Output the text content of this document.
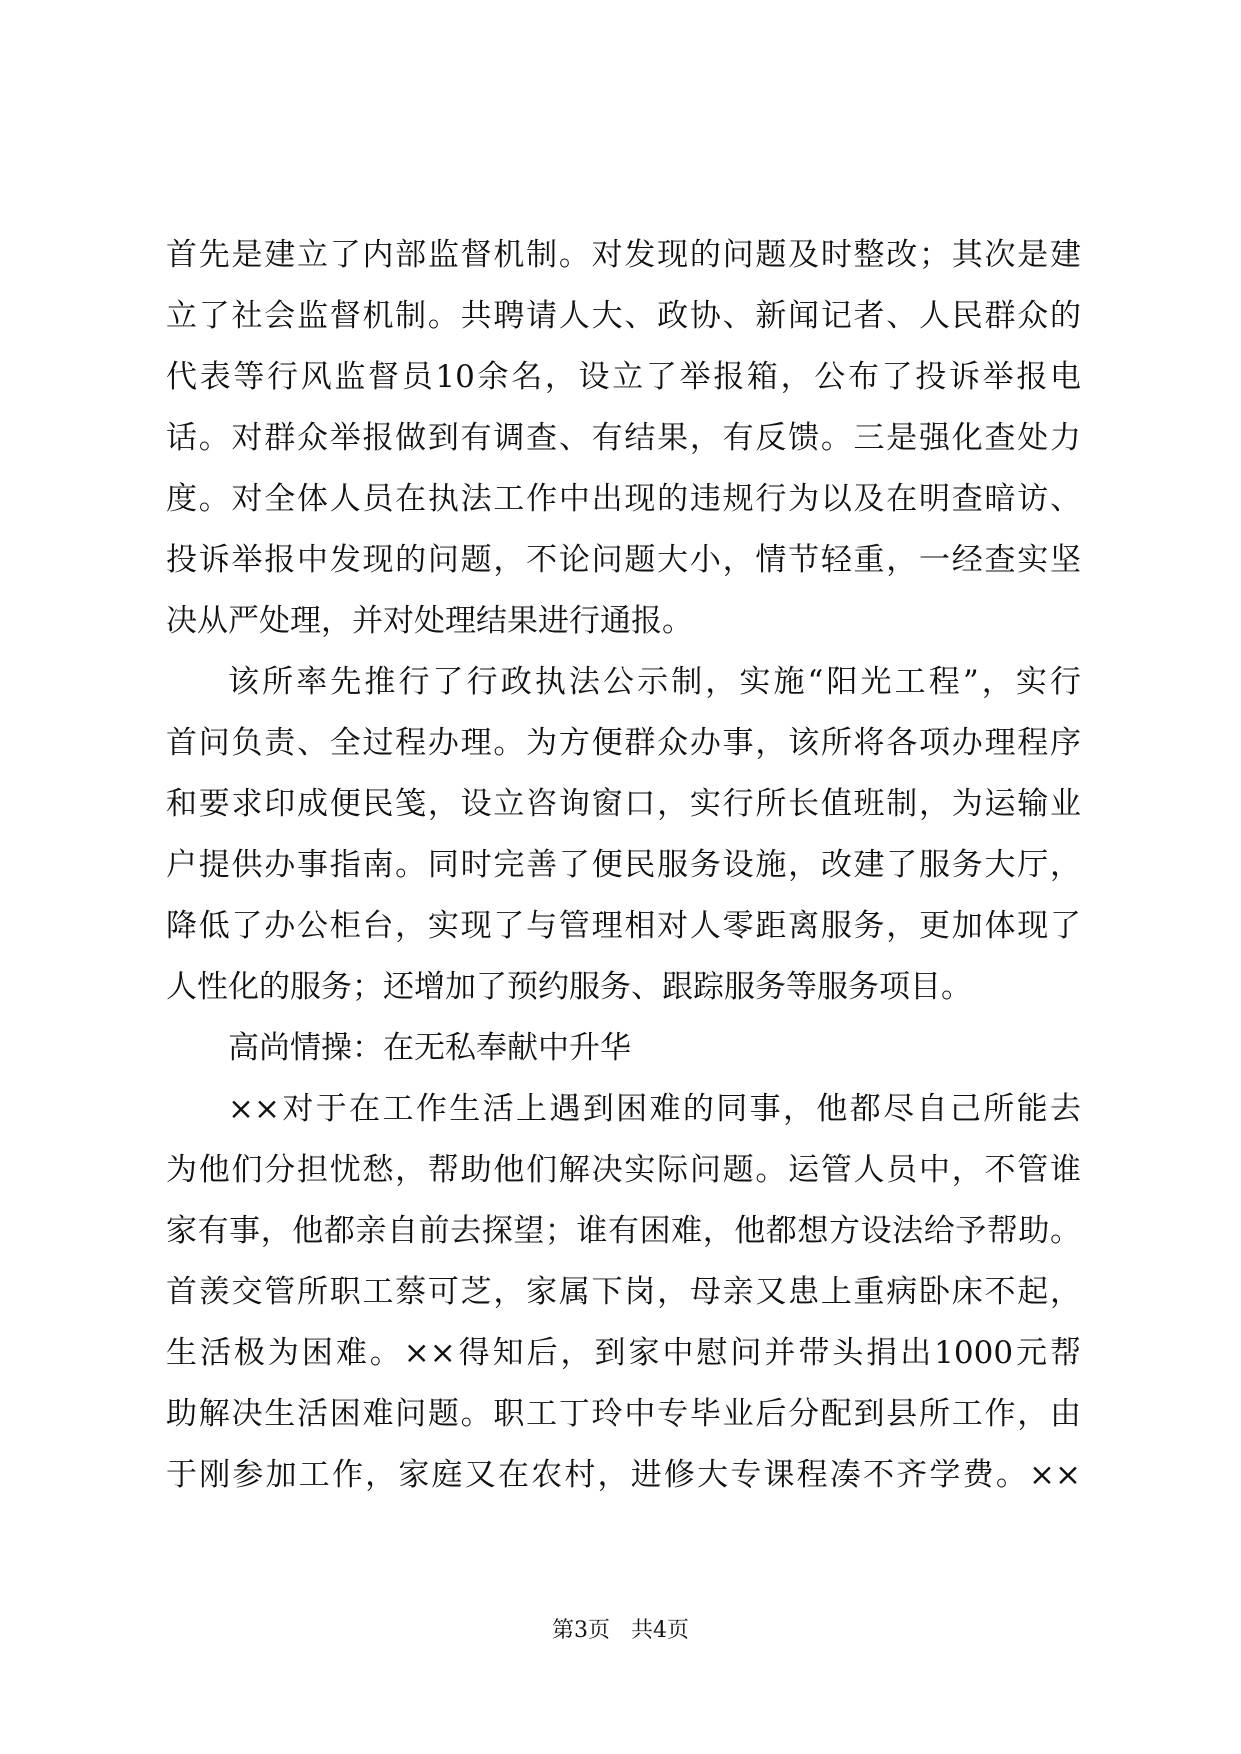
首先是建立了内部监督机制。对发现的问题及时整改；其次是建
立了社会监督机制。共聘请人大、政协、新闻记者、人民群众的
代表等行风监督员10余名，设立了举报箱，公布了投诉举报电
话。对群众举报做到有调查、有结果，有反馈。三是强化查处力
度。对全体人员在执法工作中出现的违规行为以及在明查暗访、
投诉举报中发现的问题，不论问题大小，情节轻重，一经查实坚
决从严处理，并对处理结果进行通报。
该所率先推行了行政执法公示制，实施“阳光工程”，实行
首问负责、全过程办理。为方便群众办事，该所将各项办理程序
和要求印成便民笺，设立咨询窗口，实行所长值班制，为运输业
户提供办事指南。同时完善了便民服务设施，改建了服务大厅，
降低了办公柜台，实现了与管理相对人零距离服务，更加体现了
人性化的服务；还增加了预约服务、跟踪服务等服务项目。
高尚情操：在无私奉献中升华
××对于在工作生活上遇到困难的同事，他都尽自己所能去
为他们分担忧愁，帮助他们解决实际问题。运管人员中，不管谁
家有事，他都亲自前去探望；谁有困难，他都想方设法给予帮助。
首羡交管所职工蔡可芝，家属下岗，母亲又患上重病卧床不起，
生活极为困难。××得知后，到家中慰问并带头捐出1000元帮
助解决生活困难问题。职工丁玲中专毕业后分配到县所工作，由
于刚参加工作，家庭又在农村，进修大专课程凑不齐学费。××
第3页 共4页
